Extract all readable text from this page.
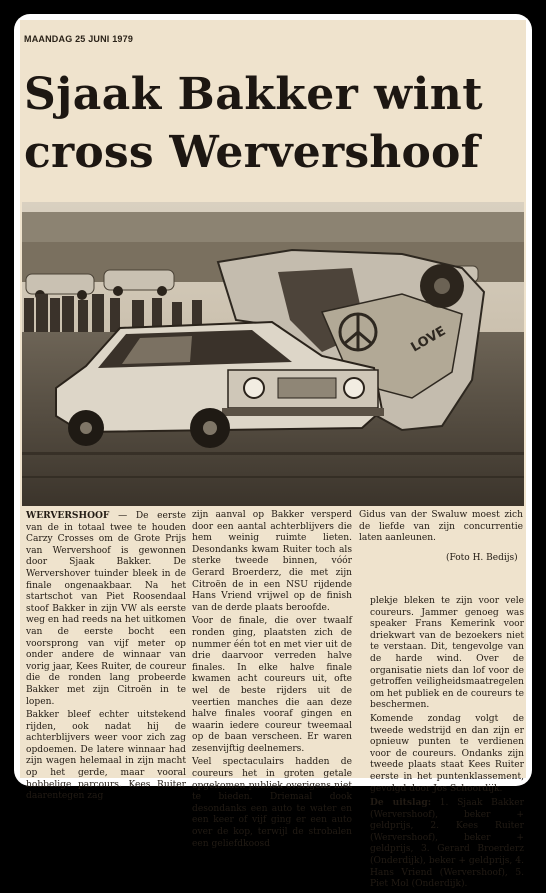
MAANDAG 25 JUNI 1979
Sjaak Bakker wint
cross Wervershoof
LOVE

WERVERSHOOF — De eerste van de in totaal twee te houden Carzy Crosses om de Grote Prijs van Wervershoof is gewonnen door Sjaak Bakker. De Wervershover tuinder bleek in de finale ongenaakbaar. Na het startschot van Piet Roosendaal stoof Bakker in zijn VW als eerste weg en had reeds na het uitkomen van de eerste bocht een voorsprong van vijf meter op onder andere de winnaar van vorig jaar, Kees Ruiter, de coureur die de ronden lang probeerde Bakker met zijn Citroën in te lopen.

Bakker bleef echter uitstekend rijden, ook nadat hij de achterblijvers weer voor zich zag opdoemen. De latere winnaar had zijn wagen helemaal in zijn macht op het gerde, maar vooral hobbelige parcours. Kees Ruiter daarentegen zag

zijn aanval op Bakker versperd door een aantal achterblijvers die hem weinig ruimte lieten. Desondanks kwam Ruiter toch als sterke tweede binnen, vóór Gerard Broerderz, die met zijn Citroën de in een NSU rijdende Hans Vriend vrijwel op de finish van de derde plaats beroofde.

Voor de finale, die over twaalf ronden ging, plaatsten zich de nummer één tot en met vier uit de drie daarvoor verreden halve finales. In elke halve finale kwamen acht coureurs uit, ofte wel de beste rijders uit de veertien manches die aan deze halve finales vooraf gingen en waarin iedere coureur tweemaal op de baan verscheen. Er waren zesenvijftig deelnemers.

Veel spectaculairs hadden de coureurs het in groten getale opgekomen publiek overigens niet te bieden. Driemaal dook desondanks een auto te water en een keer of vijf ging er een auto over de kop, terwijl de strobalen een geliefdkoosd

Gidus van der Swaluw moest zich de liefde van zijn concurrentie laten aanleunen.
(Foto H. Bedijs)

plekje bleken te zijn voor vele coureurs. Jammer genoeg was speaker Frans Kemerink voor driekwart van de bezoekers niet te verstaan. Dit, tengevolge van de harde wind. Over de organisatie niets dan lof voor de getroffen veiligheidsmaatregelen om het publiek en de coureurs te beschermen.

Komende zondag volgt de tweede wedstrijd en dan zijn er opnieuw punten te verdienen voor de coureurs. Ondanks zijn tweede plaats staat Kees Ruiter eerste in het puntenklassement, gevolgd door Jos Schoordijk.

De uitslag: 1. Sjaak Bakker (Wervershoof), beker + geldprijs, 2. Kees Ruiter (Wervershoof), beker + geldprijs, 3. Gerard Broerderz (Onderdijk), beker + geldprijs, 4. Hans Vriend (Wervershoof), 5. Piet Mol (Onderdijk).
